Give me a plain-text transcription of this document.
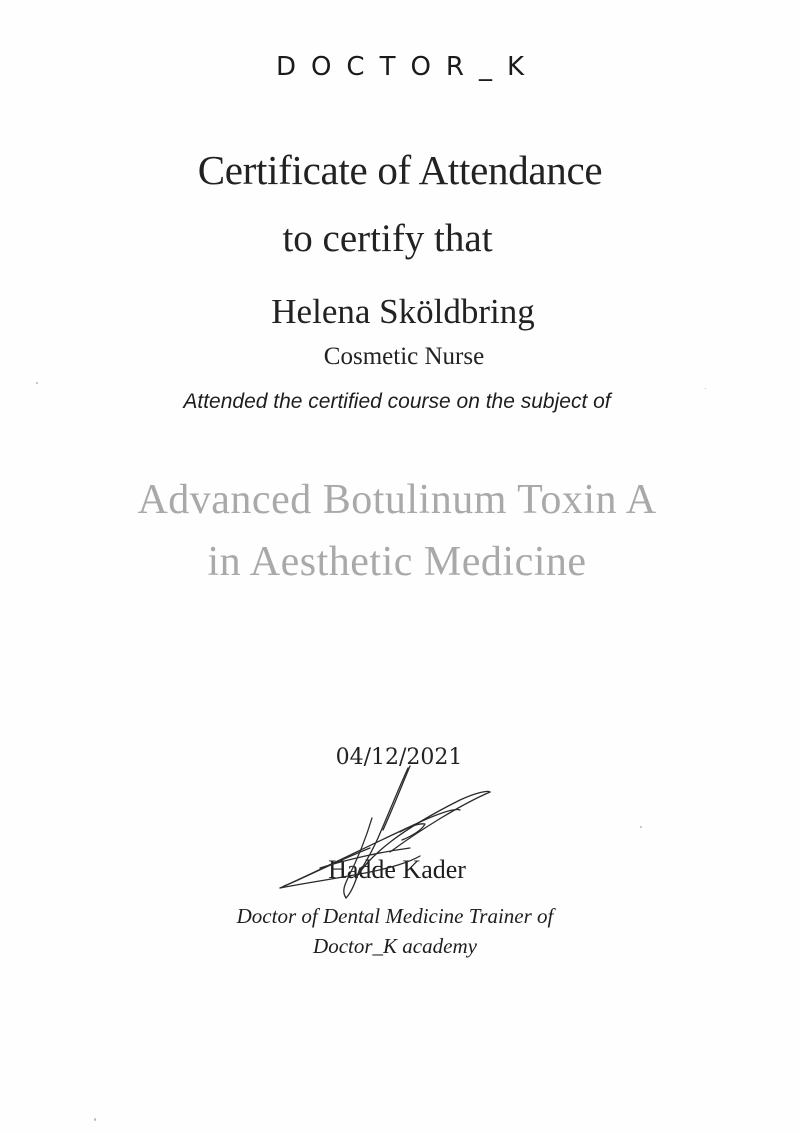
DOCTOR_K
Certificate of Attendance
to certify that
Helena Sköldbring
Cosmetic Nurse
Attended the certified course on the subject of
Advanced Botulinum Toxin A
in Aesthetic Medicine
04/12/2021
Hadde Kader
Doctor of Dental Medicine Trainer of
Doctor_K academy
